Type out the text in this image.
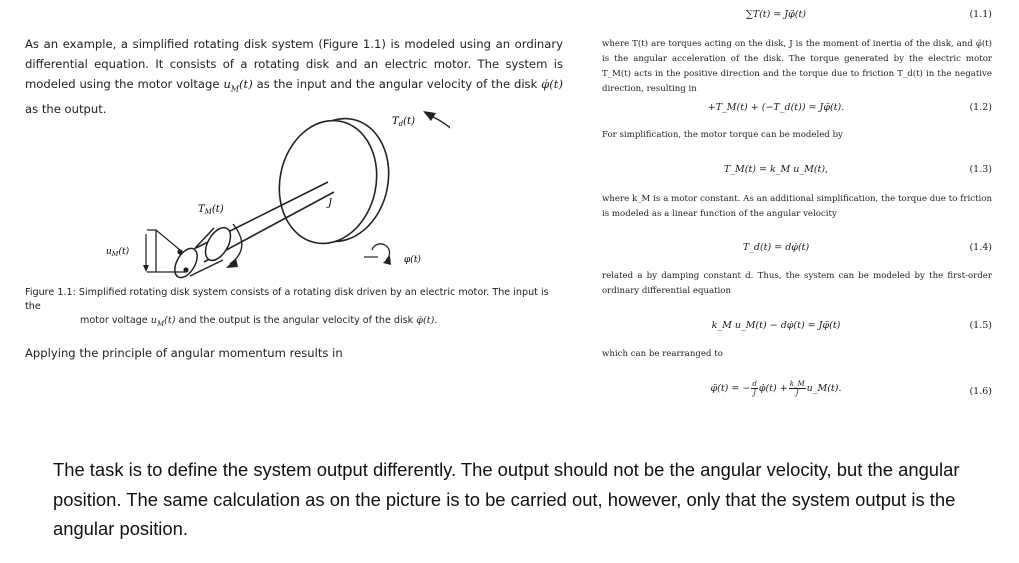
As an example, a simplified rotating disk system (Figure 1.1) is modeled using an ordinary differential equation. It consists of a rotating disk and an electric motor. The system is modeled using the motor voltage $u_M(t)$ as the input and the angular velocity of the disk φ̇(t) as the output.
$T_d(t)$
J
$T_M(t)$
$u_M(t)$
φ(t)
Figure 1.1: Simplified rotating disk system consists of a rotating disk driven by an electric motor. The input is the
motor voltage $u_M(t)$ and the output is the angular velocity of the disk φ̇(t).
Applying the principle of angular momentum results in
∑T(t) = Jφ̈(t)	(1.1)
where T(t) are torques acting on the disk, J is the moment of inertia of the disk, and φ̈(t) is the angular acceleration of the disk. The torque generated by the electric motor T_M(t) acts in the positive direction and the torque due to friction T_d(t) in the negative direction, resulting in
+T_M(t) + (−T_d(t)) = Jφ̈(t).	(1.2)
For simplification, the motor torque can be modeled by
T_M(t) = k_M u_M(t),	(1.3)
where k_M is a motor constant. As an additional simplification, the torque due to friction is modeled as a linear function of the angular velocity
T_d(t) = dφ̇(t)	(1.4)
related a by damping constant d. Thus, the system can be modeled by the first-order ordinary differential equation
k_M u_M(t) − dφ̇(t) = Jφ̈(t)	(1.5)
which can be rearranged to
φ̈(t) = − $\frac{d}{J}$ φ̇(t) + $\frac{k\_M}{J}$ u_M(t).	(1.6)
The task is to define the system output differently. The output should not be the angular velocity, but the angular position. The same calculation as on the picture is to be carried out, however, only that the system output is the angular position.
